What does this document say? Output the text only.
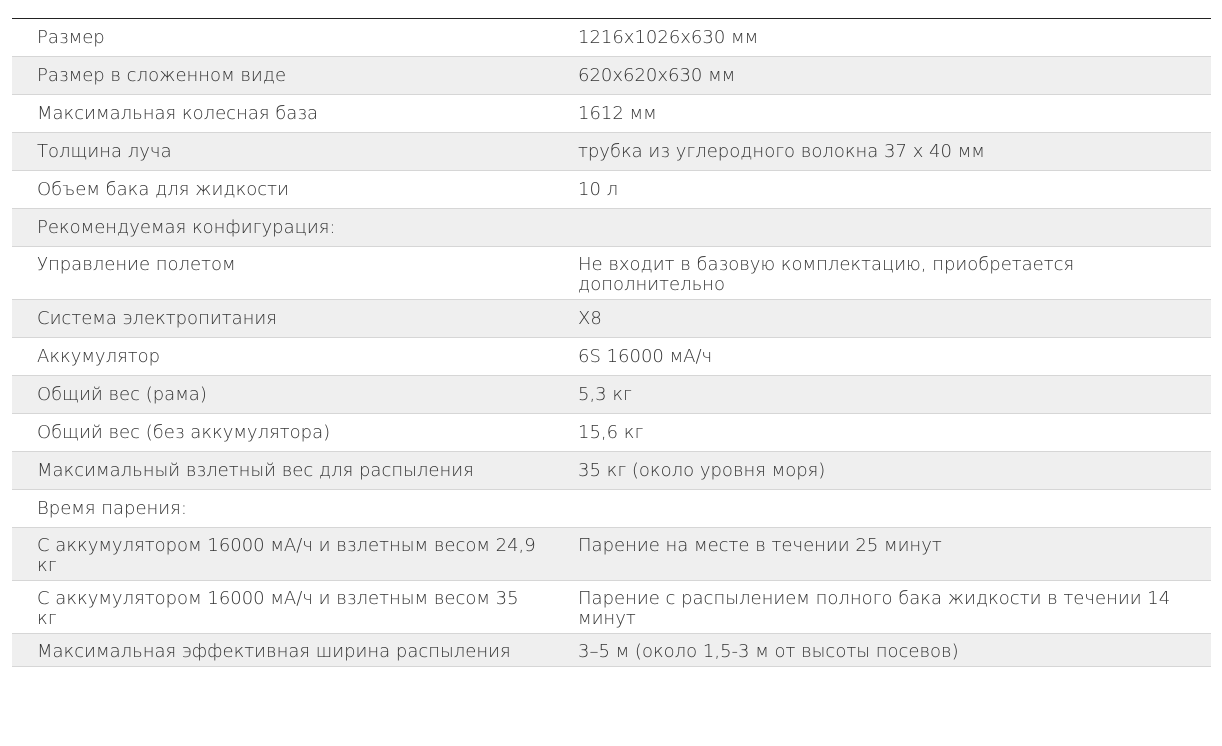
Размер	1216x1026x630 мм
Размер в сложенном виде	620x620x630 мм
Максимальная колесная база	1612 мм
Толщина луча	трубка из углеродного волокна 37 x 40 мм
Объем бака для жидкости	10 л
Рекомендуемая конфигурация:	
Управление полетом	Не входит в базовую комплектацию, приобретается дополнительно
Система электропитания	X8
Аккумулятор	6S 16000 мА/ч
Общий вес (рама)	5,3 кг
Общий вес (без аккумулятора)	15,6 кг
Максимальный взлетный вес для распыления	35 кг (около уровня моря)
Время парения:	
С аккумулятором 16000 мА/ч и взлетным весом 24,9 кг	Парение на месте в течении 25 минут
С аккумулятором 16000 мА/ч и взлетным весом 35 кг	Парение с распылением полного бака жидкости в течении 14 минут
Максимальная эффективная ширина распыления	3–5 м (около 1,5-3 м от высоты посевов)
